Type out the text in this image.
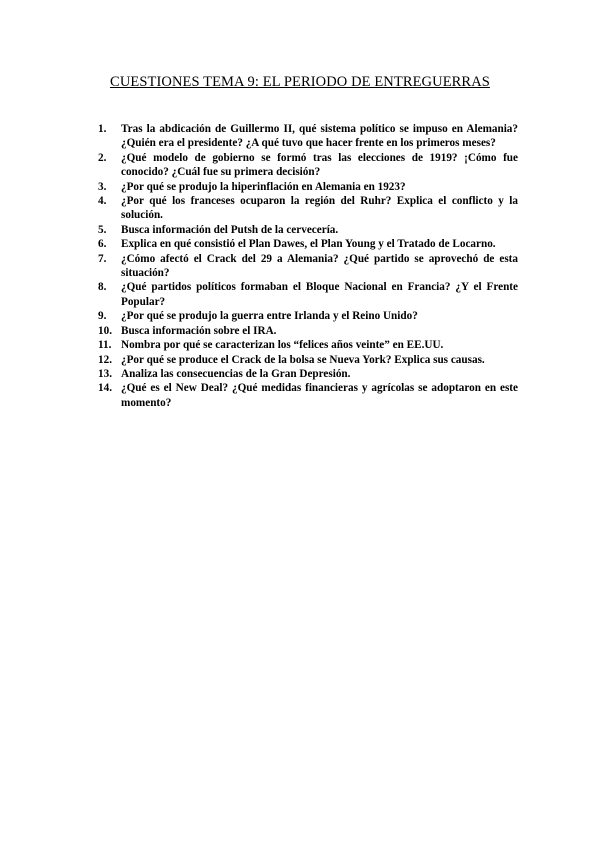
CUESTIONES TEMA 9: EL PERIODO DE ENTREGUERRAS
1.	Tras la abdicación de Guillermo II, qué sistema político se impuso en Alemania? ¿Quién era el presidente? ¿A qué tuvo que hacer frente en los primeros meses?
2.	¿Qué modelo de gobierno se formó tras las elecciones de 1919? ¡Cómo fue conocido? ¿Cuál fue su primera decisión?
3.	¿Por qué se produjo la hiperinflación en Alemania en 1923?
4.	¿Por qué los franceses ocuparon la región del Ruhr? Explica el conflicto y la solución.
5.	Busca información del Putsh de la cervecería.
6.	Explica en qué consistió el Plan Dawes, el Plan Young y el Tratado de Locarno.
7.	¿Cómo afectó el Crack del 29 a Alemania? ¿Qué partido se aprovechó de esta situación?
8.	¿Qué partidos políticos formaban el Bloque Nacional en Francia? ¿Y el Frente Popular?
9.	¿Por qué se produjo la guerra entre Irlanda y el Reino Unido?
10. Busca información sobre el IRA.
11. Nombra por qué se caracterizan los “felices años veinte” en EE.UU.
12. ¿Por qué se produce el Crack de la bolsa se Nueva York? Explica sus causas.
13. Analiza las consecuencias de la Gran Depresión.
14. ¿Qué es el New Deal? ¿Qué medidas financieras y agrícolas se adoptaron en este momento?
